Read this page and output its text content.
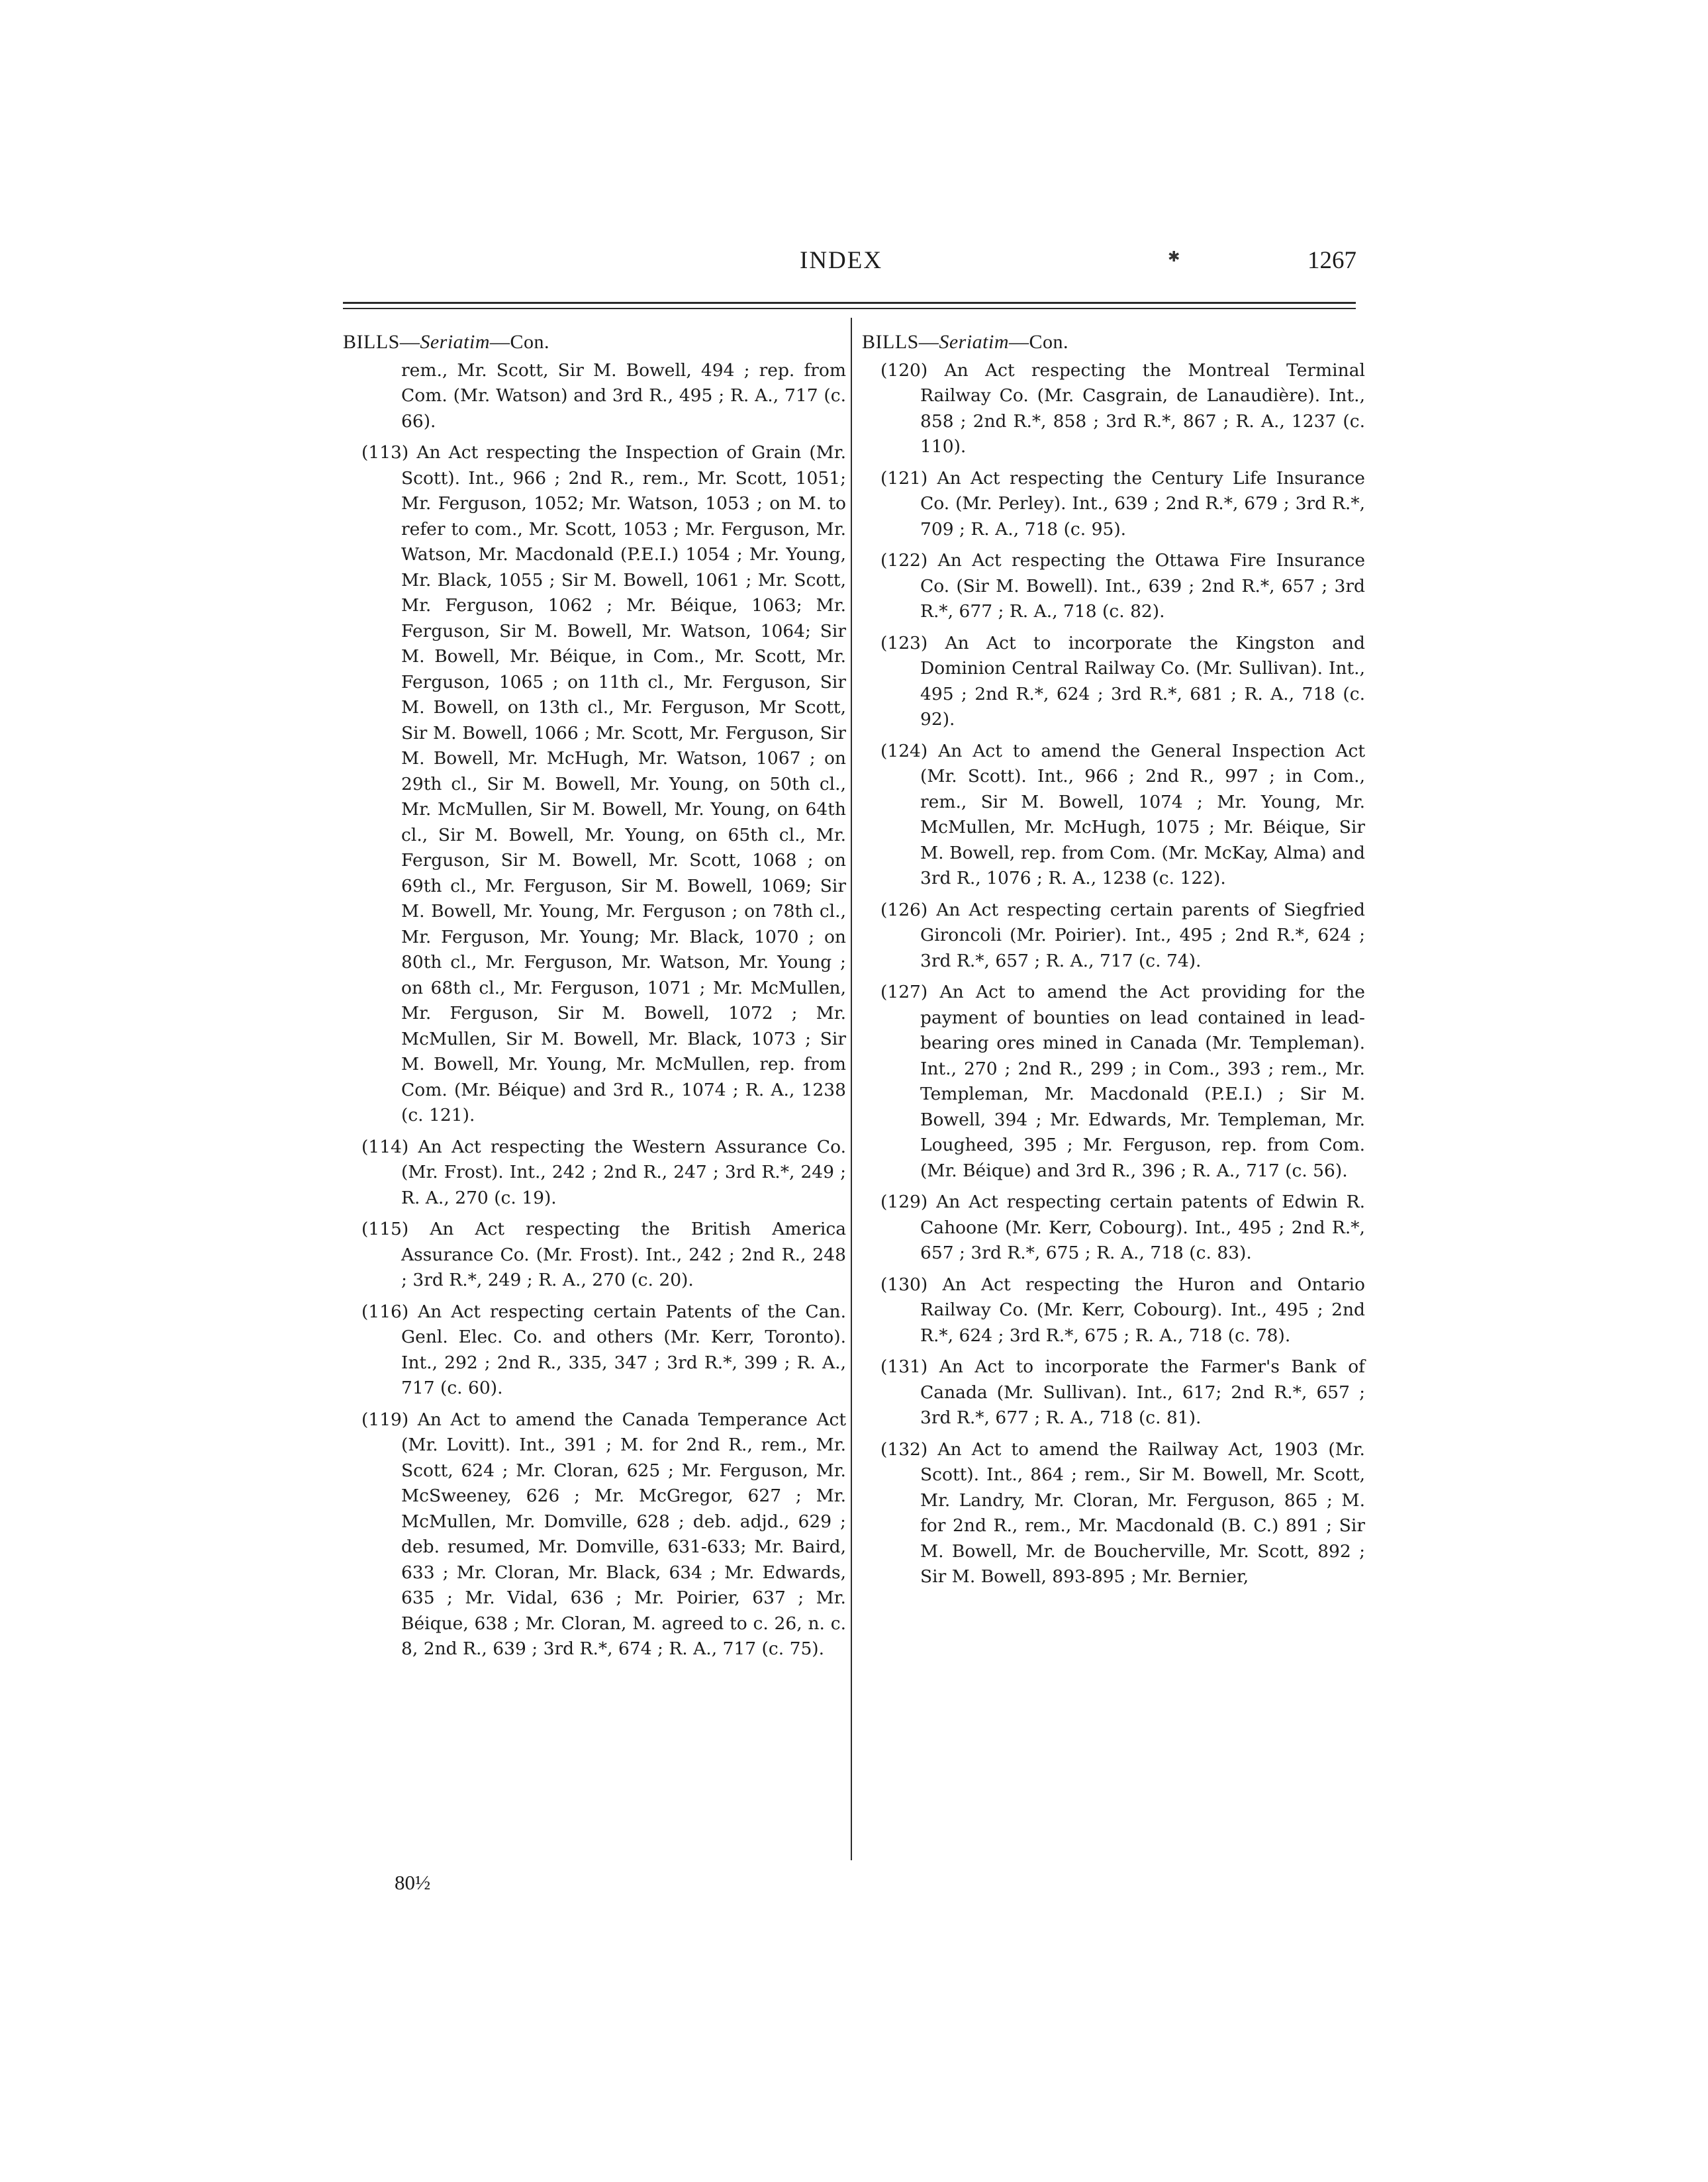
INDEX	✱	1267

BILLS—Seriatim—Con.

rem., Mr. Scott, Sir M. Bowell, 494 ; rep. from Com. (Mr. Watson) and 3rd R., 495 ; R. A., 717 (c. 66).

(113) An Act respecting the Inspection of Grain (Mr. Scott). Int., 966 ; 2nd R., rem., Mr. Scott, 1051; Mr. Ferguson, 1052; Mr. Watson, 1053 ; on M. to refer to com., Mr. Scott, 1053 ; Mr. Ferguson, Mr. Watson, Mr. Macdonald (P.E.I.) 1054 ; Mr. Young, Mr. Black, 1055 ; Sir M. Bowell, 1061 ; Mr. Scott, Mr. Ferguson, 1062 ; Mr. Béique, 1063; Mr. Ferguson, Sir M. Bowell, Mr. Watson, 1064; Sir M. Bowell, Mr. Béique, in Com., Mr. Scott, Mr. Ferguson, 1065 ; on 11th cl., Mr. Ferguson, Sir M. Bowell, on 13th cl., Mr. Ferguson, Mr Scott, Sir M. Bowell, 1066 ; Mr. Scott, Mr. Ferguson, Sir M. Bowell, Mr. McHugh, Mr. Watson, 1067 ; on 29th cl., Sir M. Bowell, Mr. Young, on 50th cl., Mr. McMullen, Sir M. Bowell, Mr. Young, on 64th cl., Sir M. Bowell, Mr. Young, on 65th cl., Mr. Ferguson, Sir M. Bowell, Mr. Scott, 1068 ; on 69th cl., Mr. Ferguson, Sir M. Bowell, 1069; Sir M. Bowell, Mr. Young, Mr. Ferguson ; on 78th cl., Mr. Ferguson, Mr. Young; Mr. Black, 1070 ; on 80th cl., Mr. Ferguson, Mr. Watson, Mr. Young ; on 68th cl., Mr. Ferguson, 1071 ; Mr. McMullen, Mr. Ferguson, Sir M. Bowell, 1072 ; Mr. McMullen, Sir M. Bowell, Mr. Black, 1073 ; Sir M. Bowell, Mr. Young, Mr. McMullen, rep. from Com. (Mr. Béique) and 3rd R., 1074 ; R. A., 1238 (c. 121).

(114) An Act respecting the Western Assurance Co. (Mr. Frost). Int., 242 ; 2nd R., 247 ; 3rd R.*, 249 ; R. A., 270 (c. 19).

(115) An Act respecting the British America Assurance Co. (Mr. Frost). Int., 242 ; 2nd R., 248 ; 3rd R.*, 249 ; R. A., 270 (c. 20).

(116) An Act respecting certain Patents of the Can. Genl. Elec. Co. and others (Mr. Kerr, Toronto). Int., 292 ; 2nd R., 335, 347 ; 3rd R.*, 399 ; R. A., 717 (c. 60).

(119) An Act to amend the Canada Temperance Act (Mr. Lovitt). Int., 391 ; M. for 2nd R., rem., Mr. Scott, 624 ; Mr. Cloran, 625 ; Mr. Ferguson, Mr. McSweeney, 626 ; Mr. McGregor, 627 ; Mr. McMullen, Mr. Domville, 628 ; deb. adjd., 629 ; deb. resumed, Mr. Domville, 631-633; Mr. Baird, 633 ; Mr. Cloran, Mr. Black, 634 ; Mr. Edwards, 635 ; Mr. Vidal, 636 ; Mr. Poirier, 637 ; Mr. Béique, 638 ; Mr. Cloran, M. agreed to c. 26, n. c. 8, 2nd R., 639 ; 3rd R.*, 674 ; R. A., 717 (c. 75).

BILLS—Seriatim—Con.

(120) An Act respecting the Montreal Terminal Railway Co. (Mr. Casgrain, de Lanaudière). Int., 858 ; 2nd R.*, 858 ; 3rd R.*, 867 ; R. A., 1237 (c. 110).

(121) An Act respecting the Century Life Insurance Co. (Mr. Perley). Int., 639 ; 2nd R.*, 679 ; 3rd R.*, 709 ; R. A., 718 (c. 95).

(122) An Act respecting the Ottawa Fire Insurance Co. (Sir M. Bowell). Int., 639 ; 2nd R.*, 657 ; 3rd R.*, 677 ; R. A., 718 (c. 82).

(123) An Act to incorporate the Kingston and Dominion Central Railway Co. (Mr. Sullivan). Int., 495 ; 2nd R.*, 624 ; 3rd R.*, 681 ; R. A., 718 (c. 92).

(124) An Act to amend the General Inspection Act (Mr. Scott). Int., 966 ; 2nd R., 997 ; in Com., rem., Sir M. Bowell, 1074 ; Mr. Young, Mr. McMullen, Mr. McHugh, 1075 ; Mr. Béique, Sir M. Bowell, rep. from Com. (Mr. McKay, Alma) and 3rd R., 1076 ; R. A., 1238 (c. 122).

(126) An Act respecting certain parents of Siegfried Gironcoli (Mr. Poirier). Int., 495 ; 2nd R.*, 624 ; 3rd R.*, 657 ; R. A., 717 (c. 74).

(127) An Act to amend the Act providing for the payment of bounties on lead contained in lead-bearing ores mined in Canada (Mr. Templeman). Int., 270 ; 2nd R., 299 ; in Com., 393 ; rem., Mr. Templeman, Mr. Macdonald (P.E.I.) ; Sir M. Bowell, 394 ; Mr. Edwards, Mr. Templeman, Mr. Lougheed, 395 ; Mr. Ferguson, rep. from Com. (Mr. Béique) and 3rd R., 396 ; R. A., 717 (c. 56).

(129) An Act respecting certain patents of Edwin R. Cahoone (Mr. Kerr, Cobourg). Int., 495 ; 2nd R.*, 657 ; 3rd R.*, 675 ; R. A., 718 (c. 83).

(130) An Act respecting the Huron and Ontario Railway Co. (Mr. Kerr, Cobourg). Int., 495 ; 2nd R.*, 624 ; 3rd R.*, 675 ; R. A., 718 (c. 78).

(131) An Act to incorporate the Farmer's Bank of Canada (Mr. Sullivan). Int., 617; 2nd R.*, 657 ; 3rd R.*, 677 ; R. A., 718 (c. 81).

(132) An Act to amend the Railway Act, 1903 (Mr. Scott). Int., 864 ; rem., Sir M. Bowell, Mr. Scott, Mr. Landry, Mr. Cloran, Mr. Ferguson, 865 ; M. for 2nd R., rem., Mr. Macdonald (B. C.) 891 ; Sir M. Bowell, Mr. de Boucherville, Mr. Scott, 892 ; Sir M. Bowell, 893-895 ; Mr. Bernier,

80½
